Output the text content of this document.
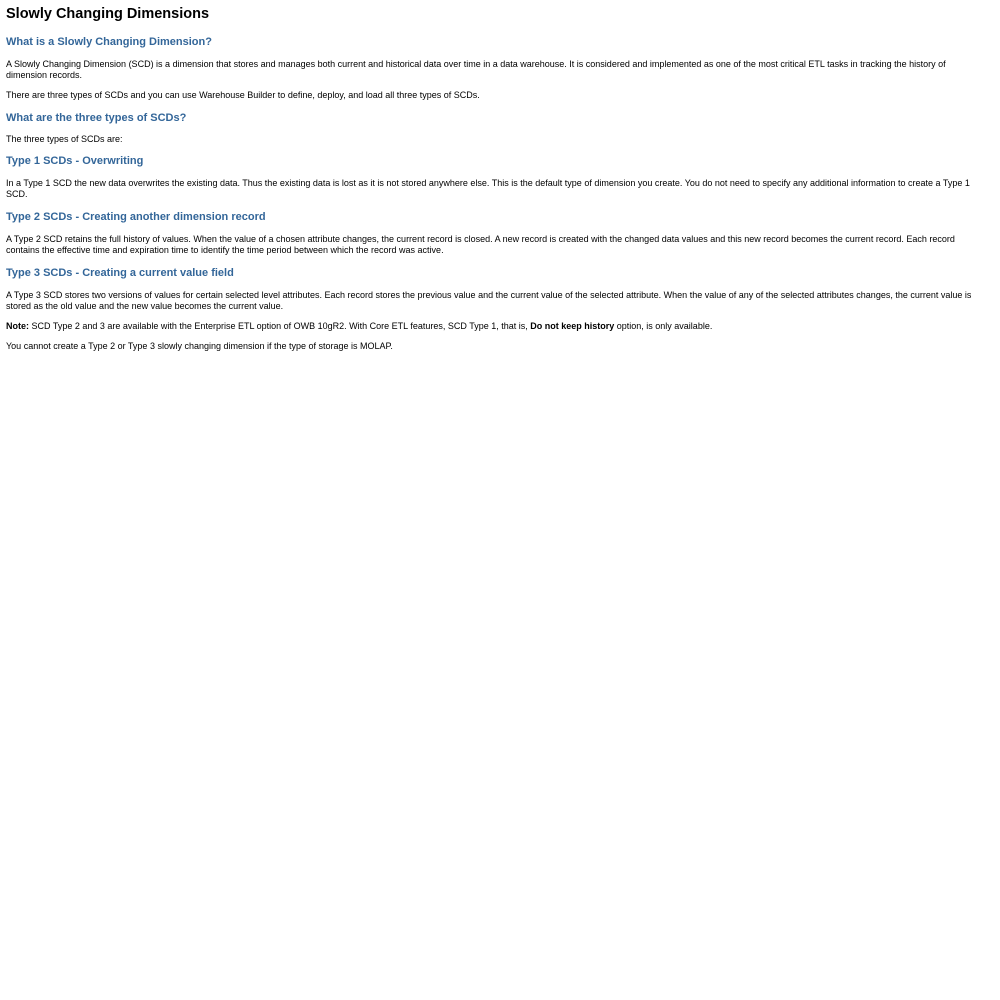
Slowly Changing Dimensions
What is a Slowly Changing Dimension?

A Slowly Changing Dimension (SCD) is a dimension that stores and manages both current and historical data over time in a data warehouse. It is considered and implemented as one of the most critical ETL tasks in tracking the history of dimension records.

There are three types of SCDs and you can use Warehouse Builder to define, deploy, and load all three types of SCDs.

What are the three types of SCDs?

The three types of SCDs are:

Type 1 SCDs - Overwriting

In a Type 1 SCD the new data overwrites the existing data. Thus the existing data is lost as it is not stored anywhere else. This is the default type of dimension you create. You do not need to specify any additional information to create a Type 1 SCD.

Type 2 SCDs - Creating another dimension record

A Type 2 SCD retains the full history of values. When the value of a chosen attribute changes, the current record is closed. A new record is created with the changed data values and this new record becomes the current record. Each record contains the effective time and expiration time to identify the time period between which the record was active.

Type 3 SCDs - Creating a current value field

A Type 3 SCD stores two versions of values for certain selected level attributes. Each record stores the previous value and the current value of the selected attribute. When the value of any of the selected attributes changes, the current value is stored as the old value and the new value becomes the current value.

Note: SCD Type 2 and 3 are available with the Enterprise ETL option of OWB 10gR2. With Core ETL features, SCD Type 1, that is, Do not keep history option, is only available.

You cannot create a Type 2 or Type 3 slowly changing dimension if the type of storage is MOLAP.
